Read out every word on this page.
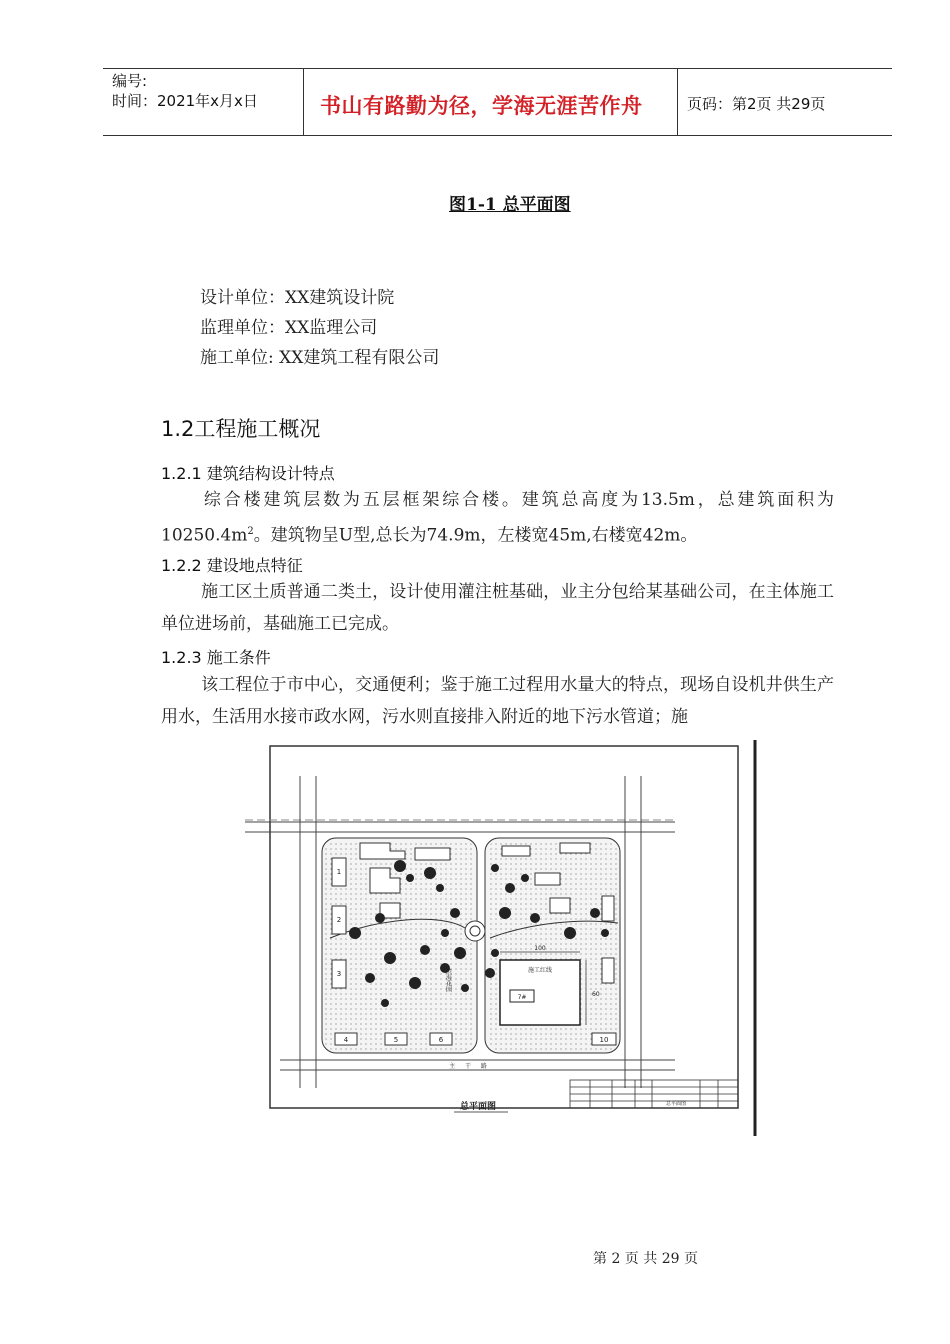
编号:
时间：2021年x月x日	书山有路勤为径，学海无涯苦作舟	页码：第2页 共29页
图1-1 总平面图
设计单位：XX建筑设计院
监理单位：XX监理公司
施工单位: XX建筑工程有限公司
1.2工程施工概况
1.2.1 建筑结构设计特点
综合楼建筑层数为五层框架综合楼。建筑总高度为13.5m，总建筑面积为$10250.4m^2$。建筑物呈U型,总长为74.9m，左楼宽45m,右楼宽42m。
1.2.2 建设地点特征
施工区土质普通二类土，设计使用灌注桩基础，业主分包给某基础公司，在主体施工单位进场前，基础施工已完成。
1.2.3 施工条件
该工程位于市中心，交通便利；鉴于施工过程用水量大的特点，现场自设机井供生产用水，生活用水接市政水网，污水则直接排入附近的地下污水管道；施
1
2
3
4	5	6	10
滨海花园	施工红线
7#
100
60
主 干 路
总平面图	总平面图
第 2 页 共 29 页
